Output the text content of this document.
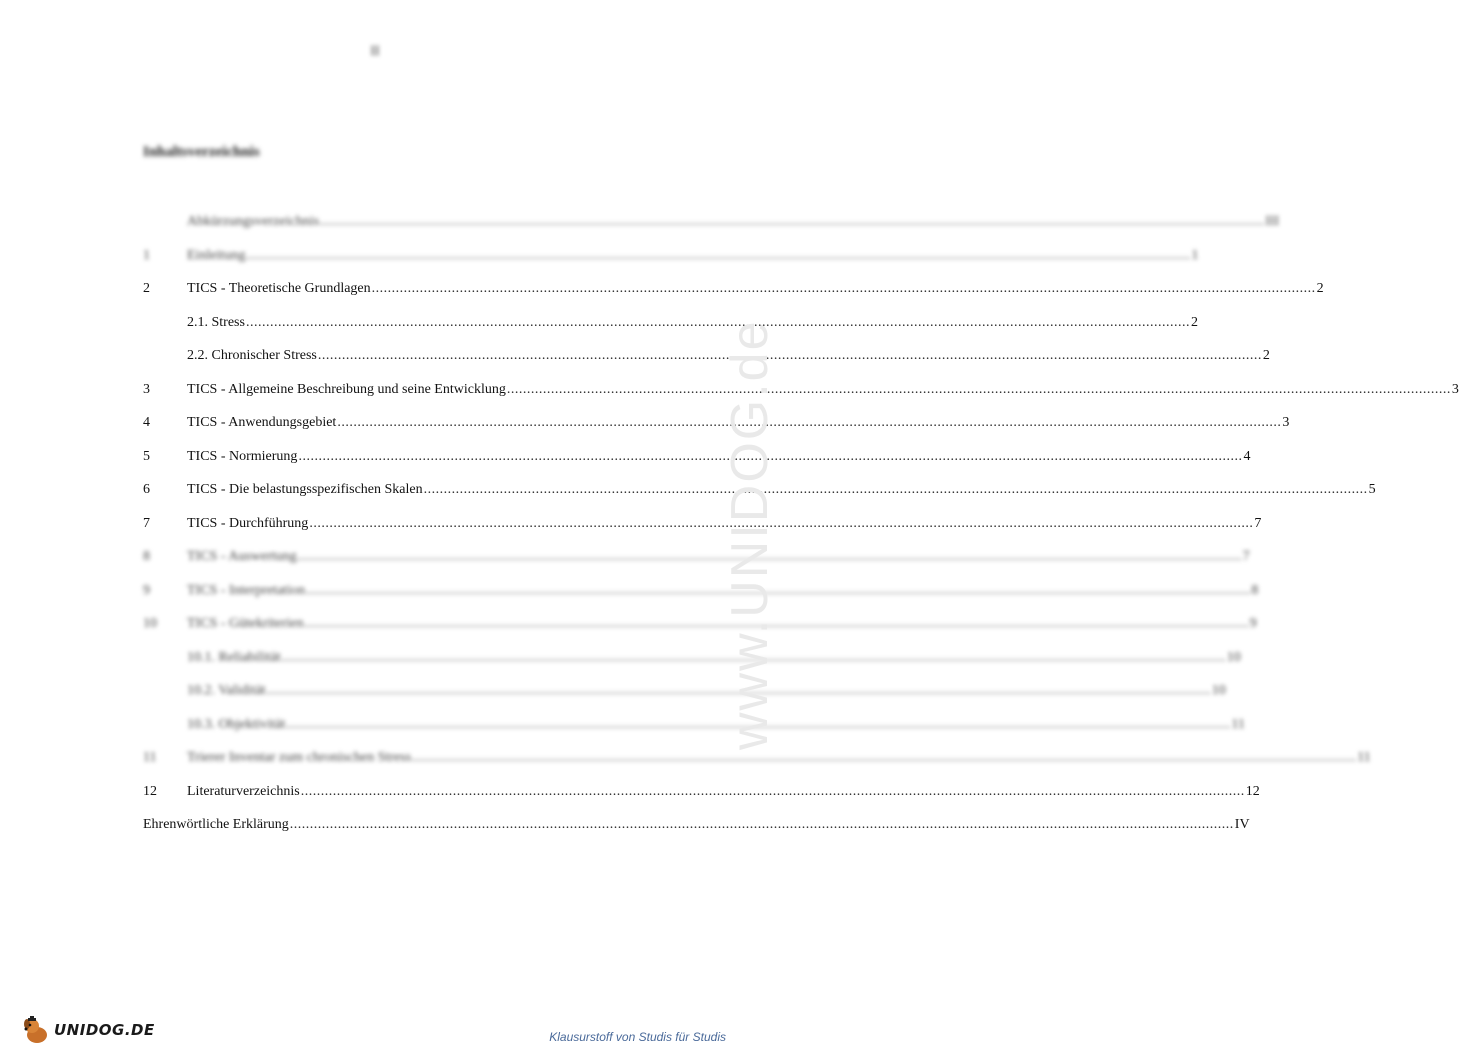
II
Inhaltsverzeichnis
Abkürzungsverzeichnis .....	III
1	Einleitung .....	1
2	TICS - Theoretische Grundlagen .....	2
2.1. Stress .....	2
2.2. Chronischer Stress .....	2
3	TICS - Allgemeine Beschreibung und seine Entwicklung .....	3
4	TICS - Anwendungsgebiet .....	3
5	TICS - Normierung .....	4
6	TICS - Die belastungsspezifischen Skalen .....	5
7	TICS - Durchführung .....	7
8	TICS - Auswertung .....	7
9	TICS - Interpretation .....	8
10	TICS - Gütekriterien .....	9
10.1. Reliabilität .....	10
10.2. Validität .....	10
10.3. Objektivität .....	11
11	Trierer Inventar zum chronischen Stress .....	11
12	Literaturverzeichnis .....	12
Ehrenwörtliche Erklärung .....	IV
www.UNIDOG.de
UNIDOG.DE	Klausurstoff von Studis für Studis
